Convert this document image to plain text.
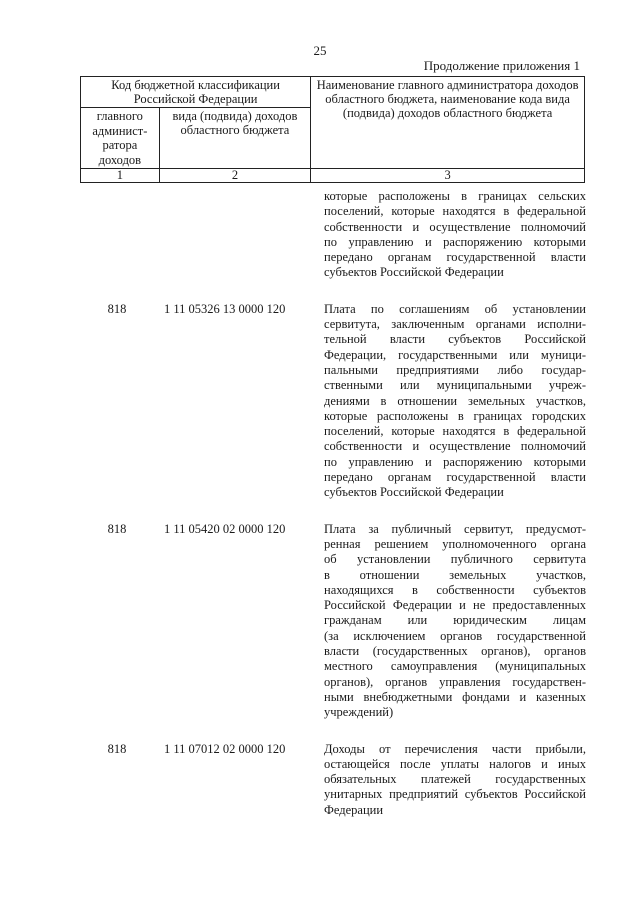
25
Продолжение приложения 1
Код бюджетной классификации Российской Федерации		Наименование главного администратора доходов областного бюджета, наименование кода вида (подвида) доходов областного бюджета

главного
админист-
ратора
доходов	вида (подвида) доходов областного бюджета	
1	2	3
которые расположены в границах сельских
поселений, которые находятся в федеральной
собственности и осуществление полномочий
по управлению и распоряжению которыми
передано органам государственной власти
субъектов Российской Федерации
818	1 11 05326 13 0000 120	Плата по соглашениям об установлении
сервитута, заключенным органами исполни-
тельной власти субъектов Российской
Федерации, государственными или муници-
пальными предприятиями либо государ-
ственными или муниципальными учреж-
дениями в отношении земельных участков,
которые расположены в границах городских
поселений, которые находятся в федеральной
собственности и осуществление полномочий
по управлению и распоряжению которыми
передано органам государственной власти
субъектов Российской Федерации
818	1 11 05420 02 0000 120	Плата за публичный сервитут, предусмот-
ренная решением уполномоченного органа
об установлении публичного сервитута
в отношении земельных участков,
находящихся в собственности субъектов
Российской Федерации и не предоставленных
гражданам или юридическим лицам
(за исключением органов государственной
власти (государственных органов), органов
местного самоуправления (муниципальных
органов), органов управления государствен-
ными внебюджетными фондами и казенных
учреждений)
818	1 11 07012 02 0000 120	Доходы от перечисления части прибыли,
остающейся после уплаты налогов и иных
обязательных платежей государственных
унитарных предприятий субъектов Российской
Федерации
